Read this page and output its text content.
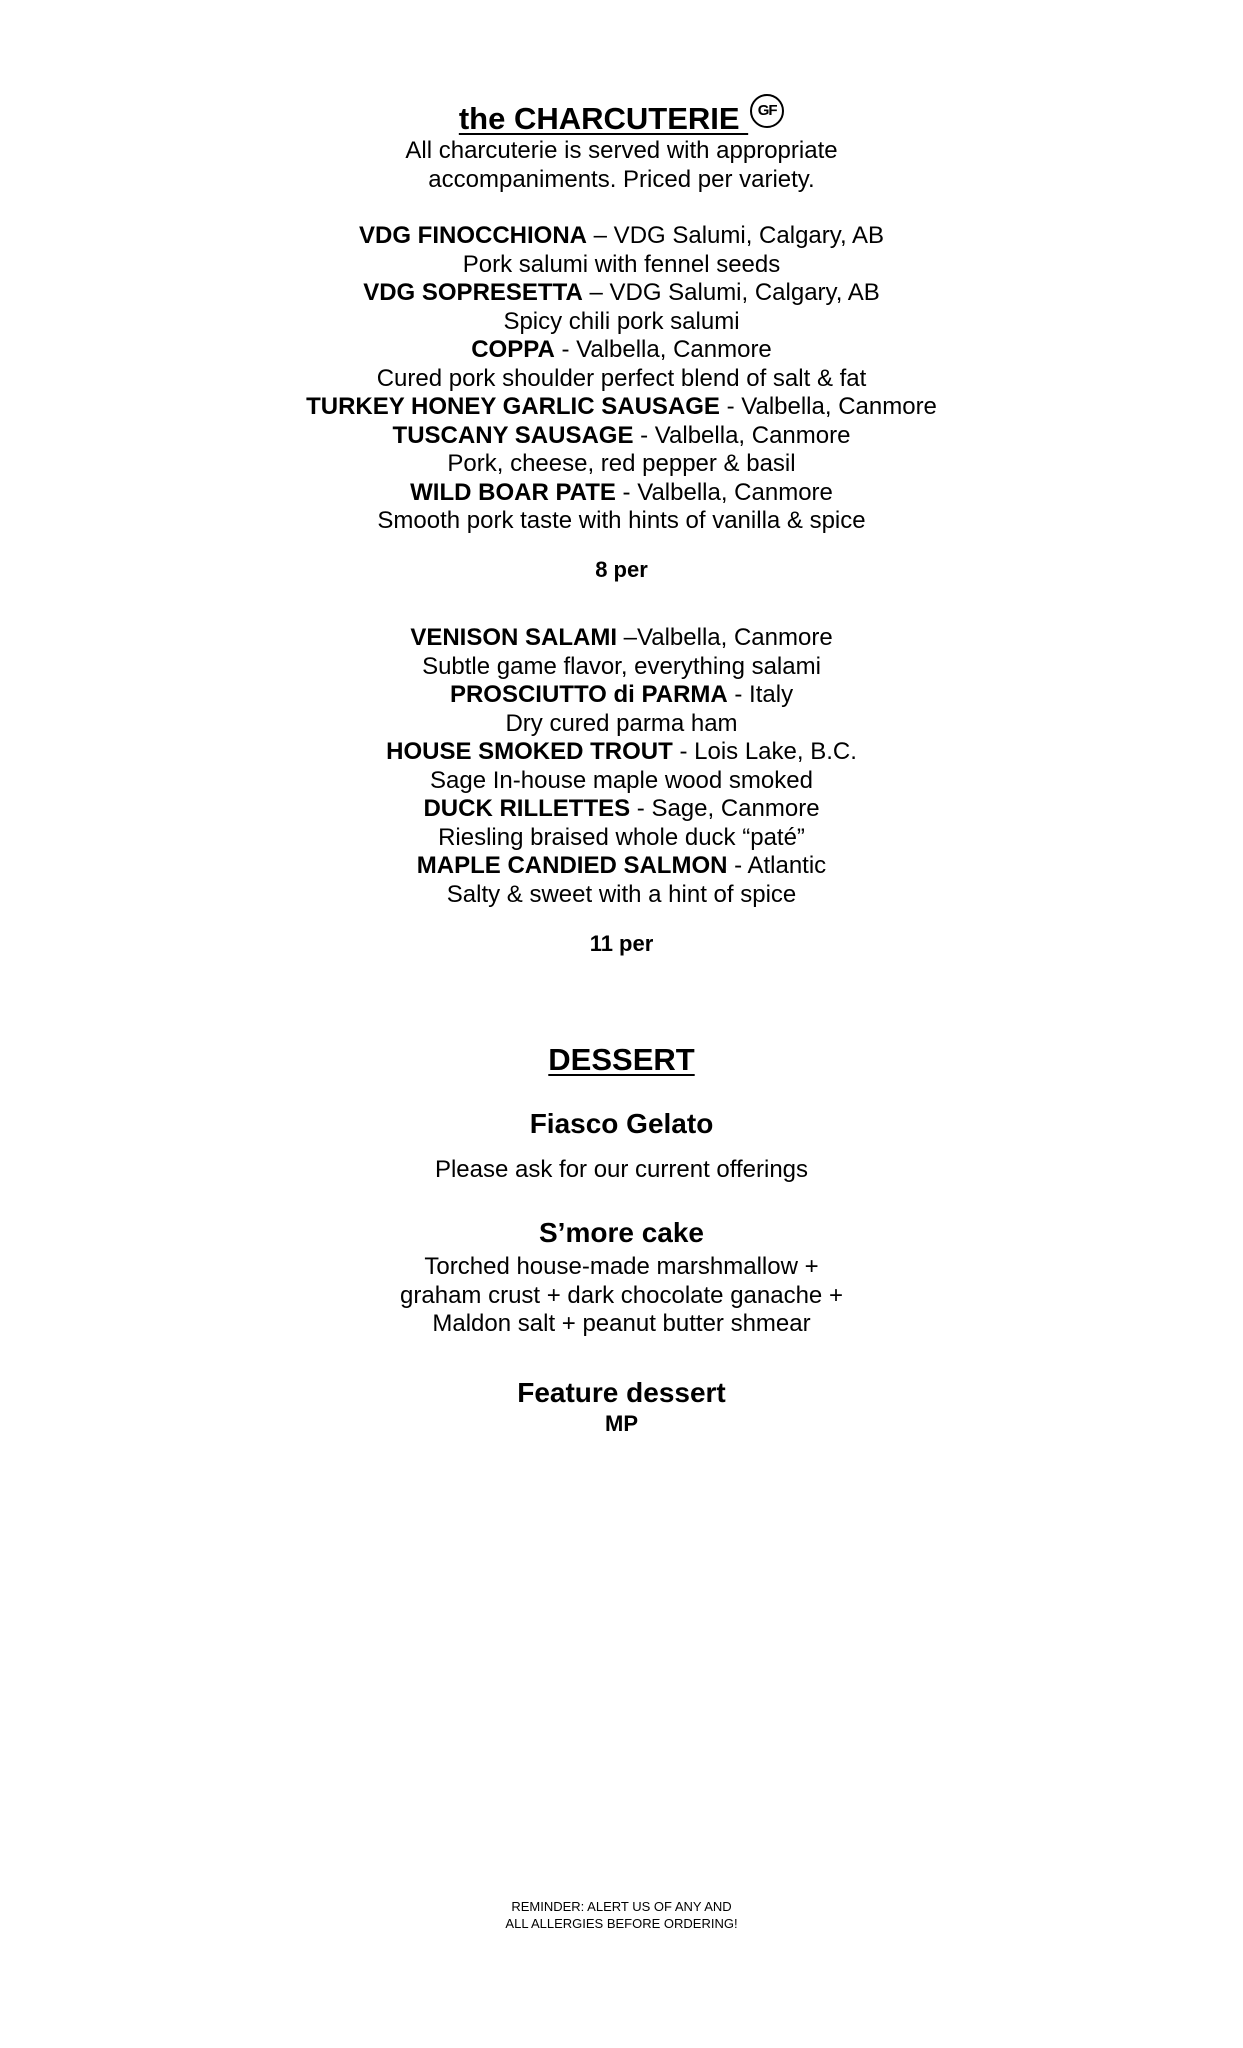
the CHARCUTERIE GF
All charcuterie is served with appropriate
accompaniments. Priced per variety.
VDG FINOCCHIONA – VDG Salumi, Calgary, AB
Pork salumi with fennel seeds
VDG SOPRESETTA – VDG Salumi, Calgary, AB
Spicy chili pork salumi
COPPA - Valbella, Canmore
Cured pork shoulder perfect blend of salt & fat
TURKEY HONEY GARLIC SAUSAGE - Valbella, Canmore
TUSCANY SAUSAGE - Valbella, Canmore
Pork, cheese, red pepper & basil
WILD BOAR PATE - Valbella, Canmore
Smooth pork taste with hints of vanilla & spice
8 per
VENISON SALAMI –Valbella, Canmore
Subtle game flavor, everything salami
PROSCIUTTO di PARMA - Italy
Dry cured parma ham
HOUSE SMOKED TROUT - Lois Lake, B.C.
Sage In-house maple wood smoked
DUCK RILLETTES - Sage, Canmore
Riesling braised whole duck “paté”
MAPLE CANDIED SALMON - Atlantic
Salty & sweet with a hint of spice
11 per
DESSERT
Fiasco Gelato
Please ask for our current offerings
S’more cake
Torched house-made marshmallow +
graham crust + dark chocolate ganache +
Maldon salt + peanut butter shmear
Feature dessert
MP
REMINDER: ALERT US OF ANY AND
ALL ALLERGIES BEFORE ORDERING!
